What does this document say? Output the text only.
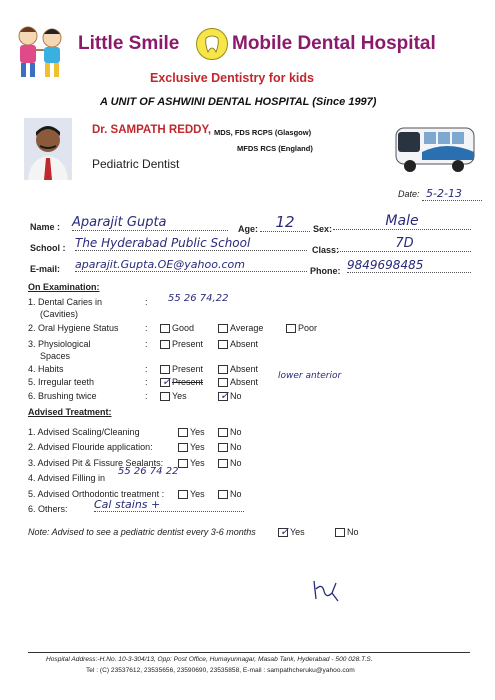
Little Smile	Mobile Dental Hospital
Exclusive Dentistry for kids
A UNIT OF ASHWINI DENTAL HOSPITAL (Since 1997)
Dr. SAMPATH REDDY, MDS, FDS RCPS (Glasgow)
MFDS RCS (England)
Pediatric Dentist
Date: 5-2-13
Name : Aparajit Gupta	Age:	12	Sex:	Male
School : The Hyderabad Public School	Class:	7D
E-mail: aparajit.Gupta.OE@yahoo.com	Phone: 9849698485
On Examination:
1. Dental Caries in
(Cavities)
: 55 26 74,22
2. Oral Hygiene Status	:	Good	Average	Poor
3. Physiological
Spaces
:	Present	Absent
4. Habits	:	Present	Absent
5. Irregular teeth	: ✓ Present	Absent
lower anterior
6. Brushing twice	:	Yes	✓ No
Advised Treatment:
1. Advised Scaling/Cleaning	Yes	No
2. Advised Flouride application:	Yes	No
3. Advised Pit & Fissure Sealants:	Yes	No
4. Advised Filling in
55 26 74 22
5. Advised Orthodontic treatment :	Yes	No
6. Others: Cal stains +
Note: Advised to see a pediatric dentist every 3-6 months ✓ Yes	No
Hospital Address:-H.No. 10-3-304/13, Opp: Post Office, Humayunnagar, Masab Tank, Hyderabad - 500 028.T.S.
Tel : (C) 23537612, 23535656, 23590690, 23535858, E-mail : sampathcheruku@yahoo.com
